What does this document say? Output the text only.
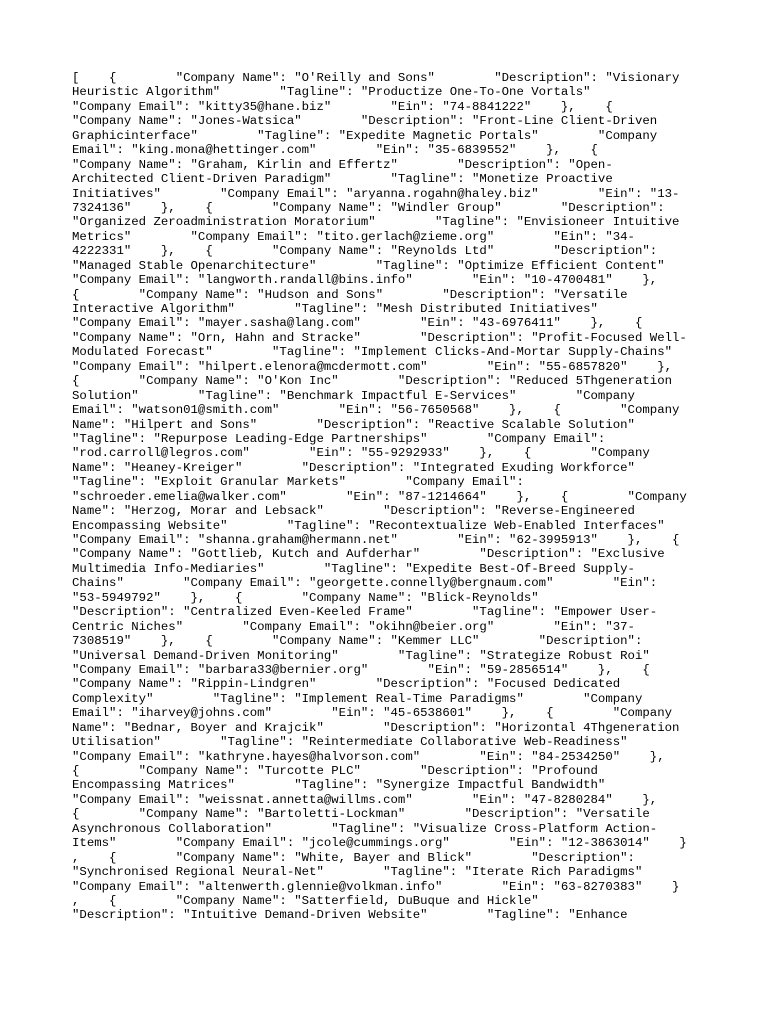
[    {        "Company Name": "O'Reilly and Sons"        "Description": "Visionary
Heuristic Algorithm"        "Tagline": "Productize One-To-One Vortals"
"Company Email": "kitty35@hane.biz"        "Ein": "74-8841222"    },    {
"Company Name": "Jones-Watsica"        "Description": "Front-Line Client-Driven
Graphicinterface"        "Tagline": "Expedite Magnetic Portals"        "Company
Email": "king.mona@hettinger.com"        "Ein": "35-6839552"    },    {
"Company Name": "Graham, Kirlin and Effertz"        "Description": "Open-
Architected Client-Driven Paradigm"        "Tagline": "Monetize Proactive
Initiatives"        "Company Email": "aryanna.rogahn@haley.biz"        "Ein": "13-
7324136"    },    {        "Company Name": "Windler Group"        "Description":
"Organized Zeroadministration Moratorium"        "Tagline": "Envisioneer Intuitive
Metrics"        "Company Email": "tito.gerlach@zieme.org"        "Ein": "34-
4222331"    },    {        "Company Name": "Reynolds Ltd"        "Description":
"Managed Stable Openarchitecture"        "Tagline": "Optimize Efficient Content"
"Company Email": "langworth.randall@bins.info"        "Ein": "10-4700481"    },
{        "Company Name": "Hudson and Sons"        "Description": "Versatile
Interactive Algorithm"        "Tagline": "Mesh Distributed Initiatives"
"Company Email": "mayer.sasha@lang.com"        "Ein": "43-6976411"    },    {
"Company Name": "Orn, Hahn and Stracke"        "Description": "Profit-Focused Well-
Modulated Forecast"        "Tagline": "Implement Clicks-And-Mortar Supply-Chains"
"Company Email": "hilpert.elenora@mcdermott.com"        "Ein": "55-6857820"    },
{        "Company Name": "O'Kon Inc"        "Description": "Reduced 5Thgeneration
Solution"        "Tagline": "Benchmark Impactful E-Services"        "Company
Email": "watson01@smith.com"        "Ein": "56-7650568"    },    {        "Company
Name": "Hilpert and Sons"        "Description": "Reactive Scalable Solution"
"Tagline": "Repurpose Leading-Edge Partnerships"        "Company Email":
"rod.carroll@legros.com"        "Ein": "55-9292933"    },    {        "Company
Name": "Heaney-Kreiger"        "Description": "Integrated Exuding Workforce"
"Tagline": "Exploit Granular Markets"        "Company Email":
"schroeder.emelia@walker.com"        "Ein": "87-1214664"    },    {        "Company
Name": "Herzog, Morar and Lebsack"        "Description": "Reverse-Engineered
Encompassing Website"        "Tagline": "Recontextualize Web-Enabled Interfaces"
"Company Email": "shanna.graham@hermann.net"        "Ein": "62-3995913"    },    {
"Company Name": "Gottlieb, Kutch and Aufderhar"        "Description": "Exclusive
Multimedia Info-Mediaries"        "Tagline": "Expedite Best-Of-Breed Supply-
Chains"        "Company Email": "georgette.connelly@bergnaum.com"        "Ein":
"53-5949792"    },    {        "Company Name": "Blick-Reynolds"
"Description": "Centralized Even-Keeled Frame"        "Tagline": "Empower User-
Centric Niches"        "Company Email": "okihn@beier.org"        "Ein": "37-
7308519"    },    {        "Company Name": "Kemmer LLC"        "Description":
"Universal Demand-Driven Monitoring"        "Tagline": "Strategize Robust Roi"
"Company Email": "barbara33@bernier.org"        "Ein": "59-2856514"    },    {
"Company Name": "Rippin-Lindgren"        "Description": "Focused Dedicated
Complexity"        "Tagline": "Implement Real-Time Paradigms"        "Company
Email": "iharvey@johns.com"        "Ein": "45-6538601"    },    {        "Company
Name": "Bednar, Boyer and Krajcik"        "Description": "Horizontal 4Thgeneration
Utilisation"        "Tagline": "Reintermediate Collaborative Web-Readiness"
"Company Email": "kathryne.hayes@halvorson.com"        "Ein": "84-2534250"    },
{        "Company Name": "Turcotte PLC"        "Description": "Profound
Encompassing Matrices"        "Tagline": "Synergize Impactful Bandwidth"
"Company Email": "weissnat.annetta@willms.com"        "Ein": "47-8280284"    },
{        "Company Name": "Bartoletti-Lockman"        "Description": "Versatile
Asynchronous Collaboration"        "Tagline": "Visualize Cross-Platform Action-
Items"        "Company Email": "jcole@cummings.org"        "Ein": "12-3863014"    }
,    {        "Company Name": "White, Bayer and Blick"        "Description":
"Synchronised Regional Neural-Net"        "Tagline": "Iterate Rich Paradigms"
"Company Email": "altenwerth.glennie@volkman.info"        "Ein": "63-8270383"    }
,    {        "Company Name": "Satterfield, DuBuque and Hickle"
"Description": "Intuitive Demand-Driven Website"        "Tagline": "Enhance
